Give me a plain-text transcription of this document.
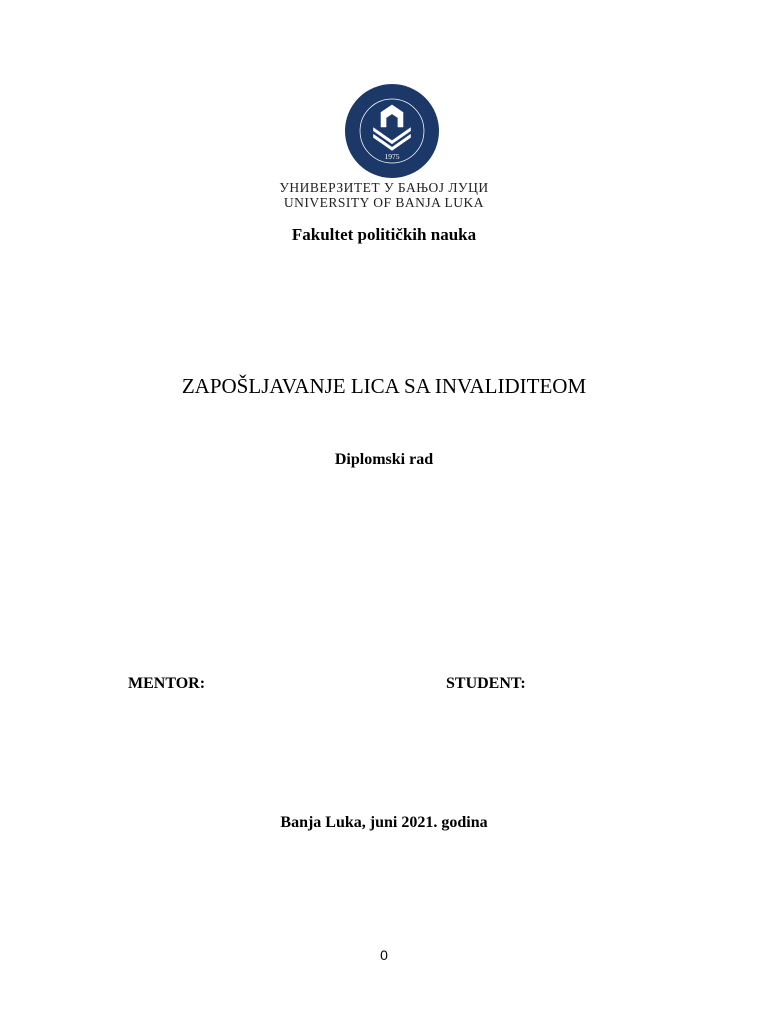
1975
УНИВЕРЗИТЕТ У БАЊОЈ ЛУЦИ
UNIVERSITY OF BANJA LUKA
Fakultet političkih nauka
ZAPOŠLJAVANJE LICA SA INVALIDITEOM
Diplomski rad
MENTOR:	STUDENT:
Banja Luka, juni 2021. godina
0
